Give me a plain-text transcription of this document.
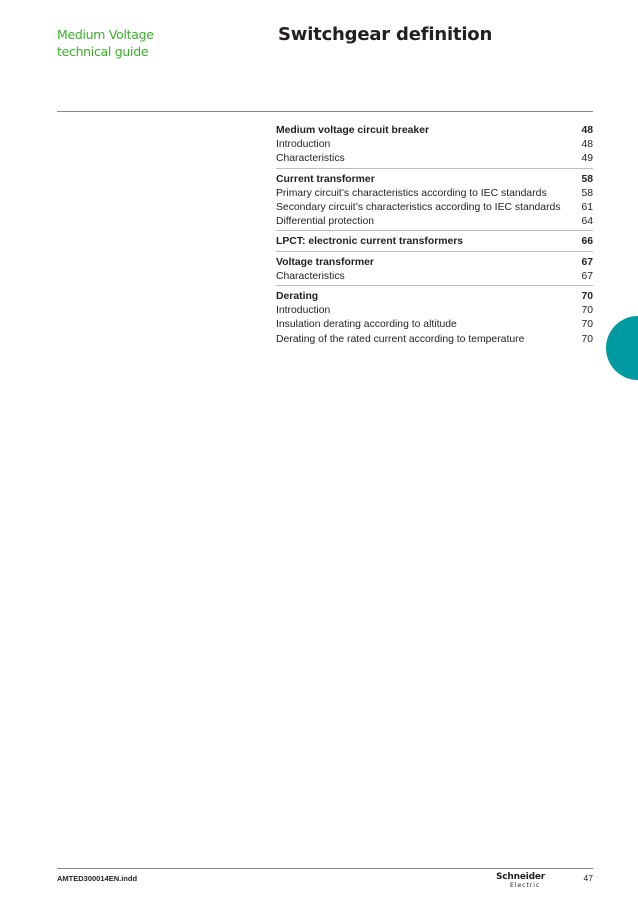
Medium Voltage
technical guide
Switchgear definition
Medium voltage circuit breaker	48
Introduction	48
Characteristics	49
Current transformer	58
Primary circuit’s characteristics according to IEC standards	58
Secondary circuit’s characteristics according to IEC standards 61
Differential protection	64
LPCT: electronic current transformers	66
Voltage transformer	67
Characteristics	67
Derating	70
Introduction	70
Insulation derating according to altitude	70
Derating of the rated current according to temperature	70
AMTED300014EN.indd	Schneider
Electric
47
